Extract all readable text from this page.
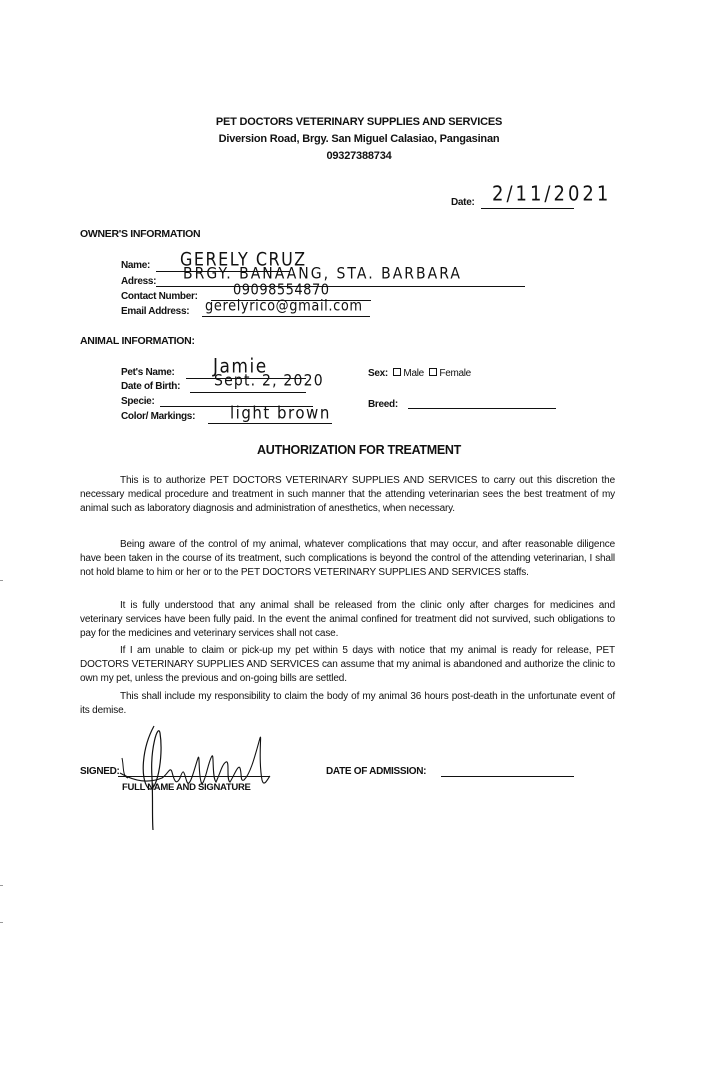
PET DOCTORS VETERINARY SUPPLIES AND SERVICES
Diversion Road, Brgy. San Miguel Calasiao, Pangasinan
09327388734
Date: 2/11/2021
OWNER'S INFORMATION
Name: GERELY CRUZ
Adress: BRGY. BANAANG, STA. BARBARA
Contact Number:	09098554870
Email Address: gerelyrico@gmail.com
ANIMAL INFORMATION:
Pet's Name: Jamie
Date of Birth: Sept. 2, 2020
Specie:
Color/ Markings: light brown
Sex: Male Female
Breed:
AUTHORIZATION FOR TREATMENT

This is to authorize PET DOCTORS VETERINARY SUPPLIES AND SERVICES to carry out this discretion the necessary medical procedure and treatment in such manner that the attending veterinarian sees the best treatment of my animal such as laboratory diagnosis and administration of anesthetics, when necessary.

Being aware of the control of my animal, whatever complications that may occur, and after reasonable diligence have been taken in the course of its treatment, such complications is beyond the control of the attending veterinarian, I shall not hold blame to him or her or to the PET DOCTORS VETERINARY SUPPLIES AND SERVICES staffs.

It is fully understood that any animal shall be released from the clinic only after charges for medicines and veterinary services have been fully paid. In the event the animal confined for treatment did not survived, such obligations to pay for the medicines and veterinary services shall not case.

If I am unable to claim or pick-up my pet within 5 days with notice that my animal is ready for release, PET DOCTORS VETERINARY SUPPLIES AND SERVICES can assume that my animal is abandoned and authorize the clinic to own my pet, unless the previous and on-going bills are settled.

This shall include my responsibility to claim the body of my animal 36 hours post-death in the unfortunate event of its demise.

SIGNED:
FULL NAME AND SIGNATURE
DATE OF ADMISSION:
